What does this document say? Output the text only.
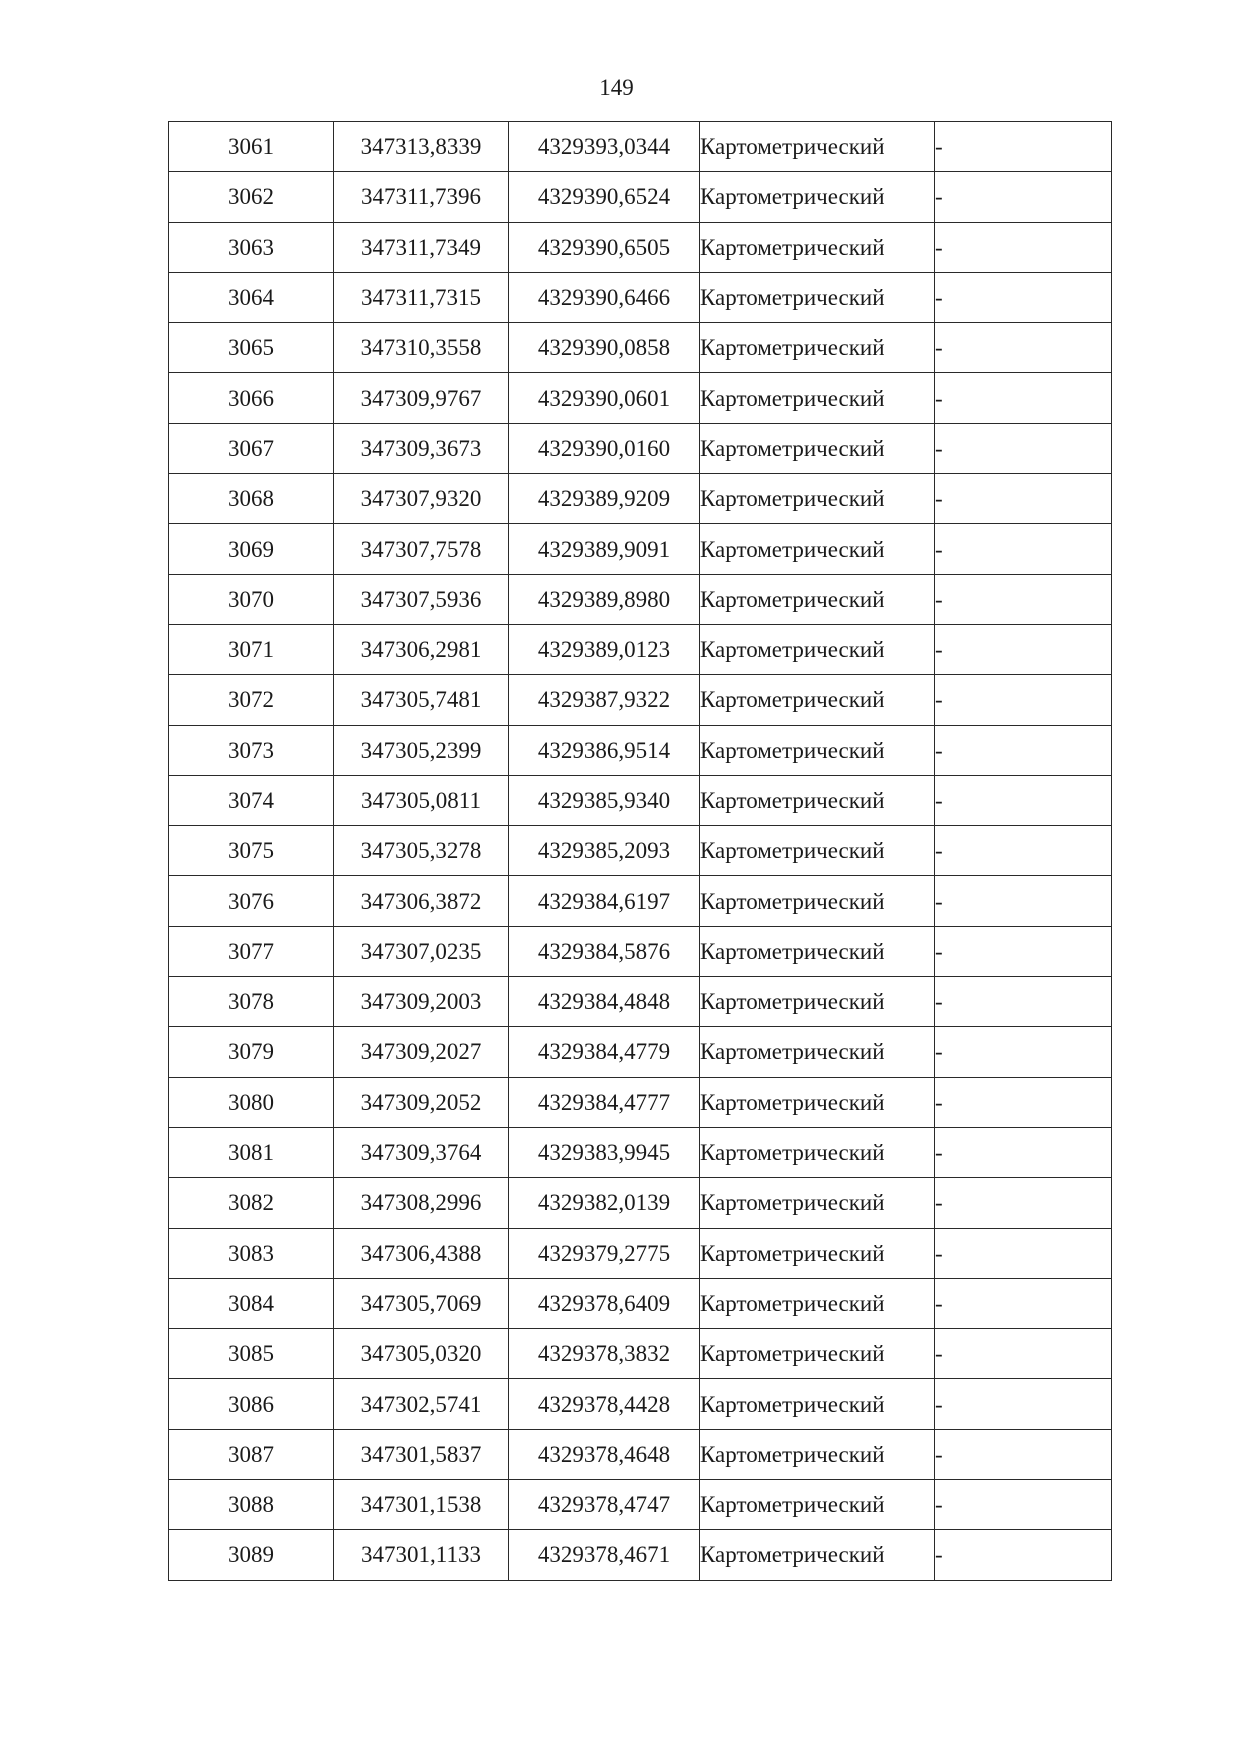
149
3061	347313,8339	4329393,0344	Картометрический	-
3062	347311,7396	4329390,6524	Картометрический	-
3063	347311,7349	4329390,6505	Картометрический	-
3064	347311,7315	4329390,6466	Картометрический	-
3065	347310,3558	4329390,0858	Картометрический	-
3066	347309,9767	4329390,0601	Картометрический	-
3067	347309,3673	4329390,0160	Картометрический	-
3068	347307,9320	4329389,9209	Картометрический	-
3069	347307,7578	4329389,9091	Картометрический	-
3070	347307,5936	4329389,8980	Картометрический	-
3071	347306,2981	4329389,0123	Картометрический	-
3072	347305,7481	4329387,9322	Картометрический	-
3073	347305,2399	4329386,9514	Картометрический	-
3074	347305,0811	4329385,9340	Картометрический	-
3075	347305,3278	4329385,2093	Картометрический	-
3076	347306,3872	4329384,6197	Картометрический	-
3077	347307,0235	4329384,5876	Картометрический	-
3078	347309,2003	4329384,4848	Картометрический	-
3079	347309,2027	4329384,4779	Картометрический	-
3080	347309,2052	4329384,4777	Картометрический	-
3081	347309,3764	4329383,9945	Картометрический	-
3082	347308,2996	4329382,0139	Картометрический	-
3083	347306,4388	4329379,2775	Картометрический	-
3084	347305,7069	4329378,6409	Картометрический	-
3085	347305,0320	4329378,3832	Картометрический	-
3086	347302,5741	4329378,4428	Картометрический	-
3087	347301,5837	4329378,4648	Картометрический	-
3088	347301,1538	4329378,4747	Картометрический	-
3089	347301,1133	4329378,4671	Картометрический	-
